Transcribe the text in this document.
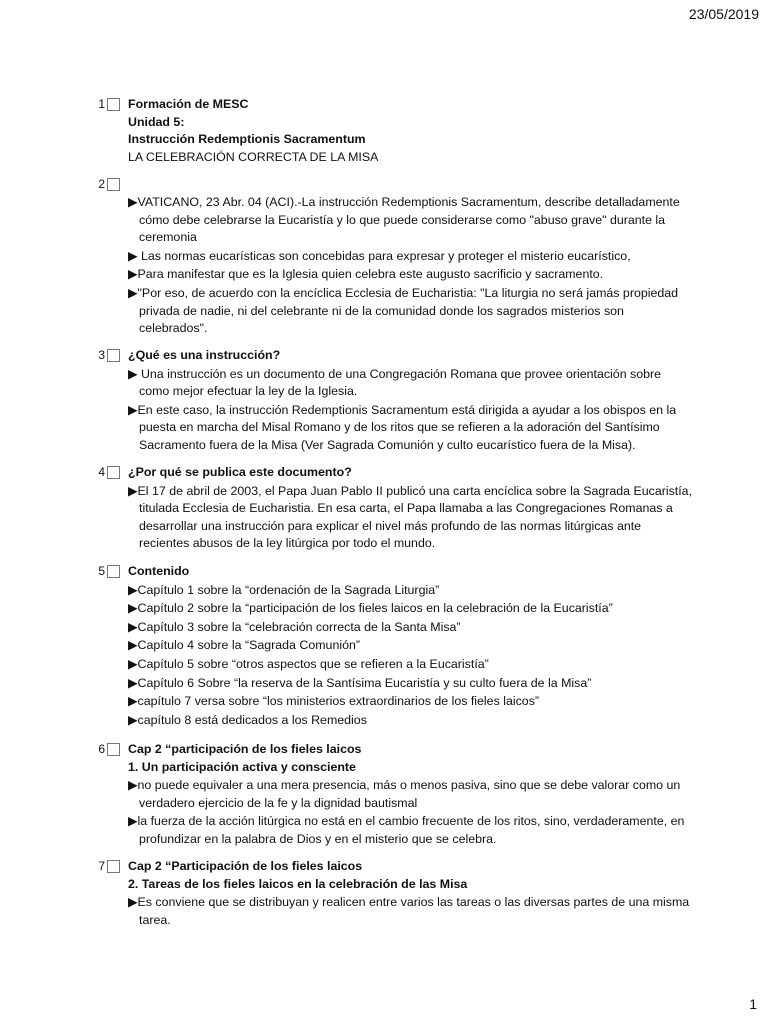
23/05/2019
1 Formación de MESC
Unidad 5:
Instrucción Redemptionis Sacramentum
LA CELEBRACIÓN CORRECTA DE LA MISA
2
▶VATICANO, 23 Abr. 04 (ACI).-La instrucción Redemptionis Sacramentum, describe detalladamente cómo debe celebrarse la Eucaristía y lo que puede considerarse como "abuso grave" durante la ceremonia
▶ Las normas eucarísticas son concebidas para expresar y proteger el misterio eucarístico,
▶Para manifestar que es la Iglesia quien celebra este augusto sacrificio y sacramento.
▶"Por eso, de acuerdo con la encíclica Ecclesia de Eucharistia: "La liturgia no será jamás propiedad privada de nadie, ni del celebrante ni de la comunidad donde los sagrados misterios son celebrados".
3 ¿Qué es una instrucción?
▶ Una instrucción es un documento de una Congregación Romana que provee orientación sobre como mejor efectuar la ley de la Iglesia.
▶En este caso, la instrucción Redemptionis Sacramentum está dirigida a ayudar a los obispos en la puesta en marcha del Misal Romano y de los ritos que se refieren a la adoración del Santísimo Sacramento fuera de la Misa (Ver Sagrada Comunión y culto eucarístico fuera de la Misa).
4 ¿Por qué se publica este documento?
▶El 17 de abril de 2003, el Papa Juan Pablo II publicó una carta encíclica sobre la Sagrada Eucaristía, titulada Ecclesia de Eucharistia. En esa carta, el Papa llamaba a las Congregaciones Romanas a desarrollar una instrucción para explicar el nivel más profundo de las normas litúrgicas ante recientes abusos de la ley litúrgica por todo el mundo.
5 Contenido
▶Capítulo 1 sobre la “ordenación de la Sagrada Liturgia”
▶Capítulo 2 sobre la “participación de los fieles laicos en la celebración de la Eucaristía”
▶Capítulo 3 sobre la “celebración correcta de la Santa Misa”
▶Capítulo 4 sobre la “Sagrada Comunión”
▶Capítulo 5 sobre “otros aspectos que se refieren a la Eucaristía”
▶Capítulo 6 Sobre “la reserva de la Santísima Eucaristía y su culto fuera de la Misa”
▶capítulo 7 versa sobre “los ministerios extraordinarios de los fieles laicos”
▶capítulo 8 está dedicados a los Remedios
6 Cap 2 “participación de los fieles laicos
1. Un participación activa y consciente
▶no puede equivaler a una mera presencia, más o menos pasiva, sino que se debe valorar como un verdadero ejercicio de la fe y la dignidad bautismal
▶la fuerza de la acción litúrgica no está en el cambio frecuente de los ritos, sino, verdaderamente, en profundizar en la palabra de Dios y en el misterio que se celebra.
7 Cap 2 “Participación de los fieles laicos
2. Tareas de los fieles laicos en la celebración de las Misa
▶Es conviene que se distribuyan y realicen entre varios las tareas o las diversas partes de una misma tarea.
1
